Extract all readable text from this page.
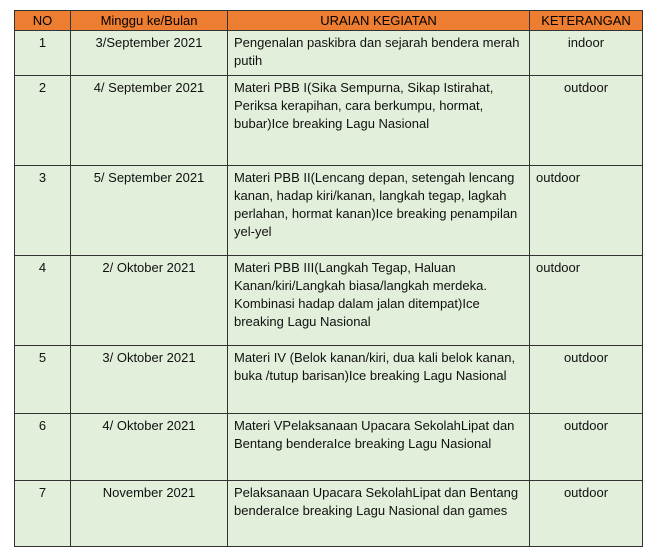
NO	Minggu ke/Bulan	URAIAN KEGIATAN	KETERANGAN
1	3/September 2021	Pengenalan paskibra dan sejarah bendera merah putih	indoor
2	4/ September 2021	Materi PBB I(Sika Sempurna, Sikap Istirahat, Periksa kerapihan, cara berkumpu, hormat, bubar)Ice breaking Lagu Nasional	outdoor
3	5/ September 2021	Materi PBB II(Lencang depan, setengah lencang kanan, hadap kiri/kanan, langkah tegap, lagkah perlahan, hormat kanan)Ice breaking penampilan yel-yel	outdoor
4	2/ Oktober 2021	Materi PBB III(Langkah Tegap, Haluan Kanan/kiri/Langkah biasa/langkah merdeka. Kombinasi hadap dalam jalan ditempat)Ice breaking Lagu Nasional	outdoor
5	3/ Oktober 2021	Materi IV (Belok kanan/kiri, dua kali belok kanan, buka /tutup barisan)Ice breaking Lagu Nasional	outdoor
6	4/ Oktober 2021	Materi VPelaksanaan Upacara SekolahLipat dan Bentang benderaIce breaking Lagu Nasional	outdoor
7	November 2021	Pelaksanaan Upacara SekolahLipat dan Bentang benderaIce breaking Lagu Nasional dan games	outdoor
